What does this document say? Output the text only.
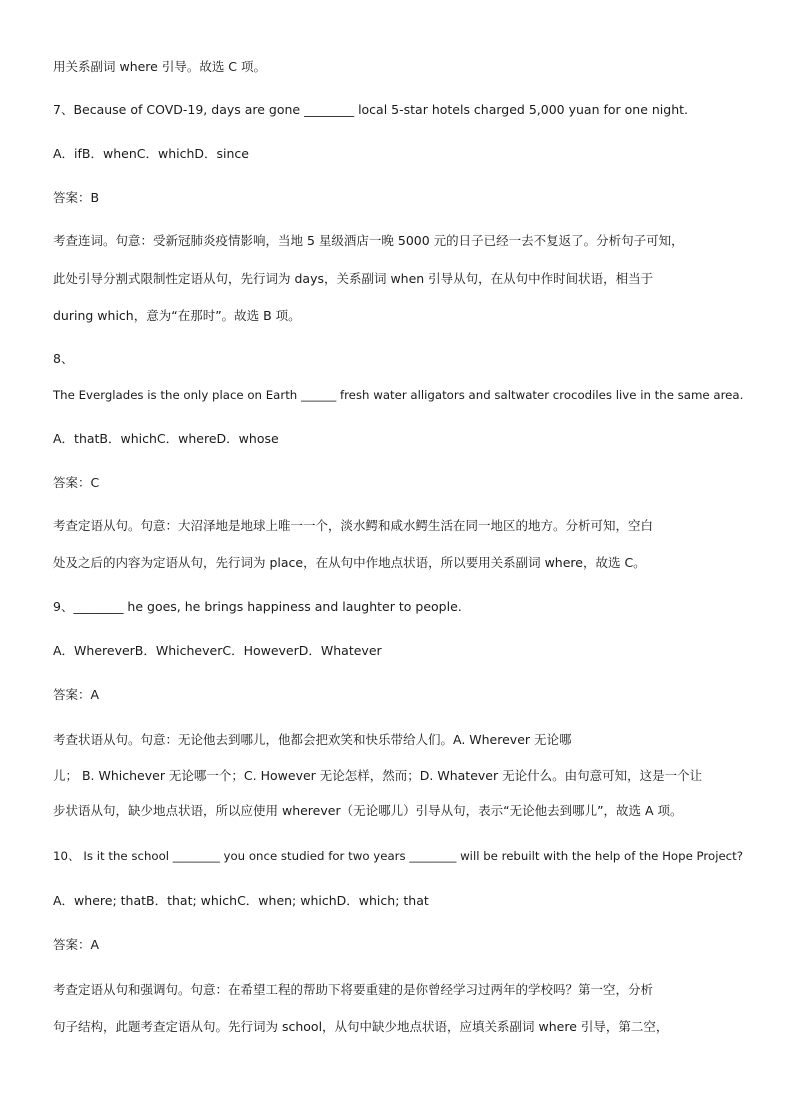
用关系副词 where 引导。故选 C 项。
7、Because of COVD-19, days are gone ________ local 5-star hotels charged 5,000 yuan for one night.
A．ifB．whenC．whichD．since
答案：B
考查连词。句意：受新冠肺炎疫情影响，当地 5 星级酒店一晚 5000 元的日子已经一去不复返了。分析句子可知，
此处引导分割式限制性定语从句，先行词为 days，关系副词 when 引导从句，在从句中作时间状语，相当于
during which，意为“在那时”。故选 B 项。
8、
The Everglades is the only place on Earth ______ fresh water alligators and saltwater crocodiles live in the same area.
A．thatB．whichC．whereD．whose
答案：C
考查定语从句。句意：大沼泽地是地球上唯一一个，淡水鳄和咸水鳄生活在同一地区的地方。分析可知，空白
处及之后的内容为定语从句，先行词为 place，在从句中作地点状语，所以要用关系副词 where，故选 C。
9、________ he goes, he brings happiness and laughter to people.
A．WhereverB．WhicheverC．HoweverD．Whatever
答案：A
考查状语从句。句意：无论他去到哪儿，他都会把欢笑和快乐带给人们。A. Wherever 无论哪
儿； B. Whichever 无论哪一个；C. However 无论怎样，然而；D. Whatever 无论什么。由句意可知，这是一个让
步状语从句，缺少地点状语，所以应使用 wherever（无论哪儿）引导从句，表示“无论他去到哪儿”，故选 A 项。
10、 Is it the school ________ you once studied for two years ________ will be rebuilt with the help of the Hope Project?
A．where; thatB．that; whichC．when; whichD．which; that
答案：A
考查定语从句和强调句。句意：在希望工程的帮助下将要重建的是你曾经学习过两年的学校吗？第一空，分析
句子结构，此题考查定语从句。先行词为 school，从句中缺少地点状语，应填关系副词 where 引导，第二空，
